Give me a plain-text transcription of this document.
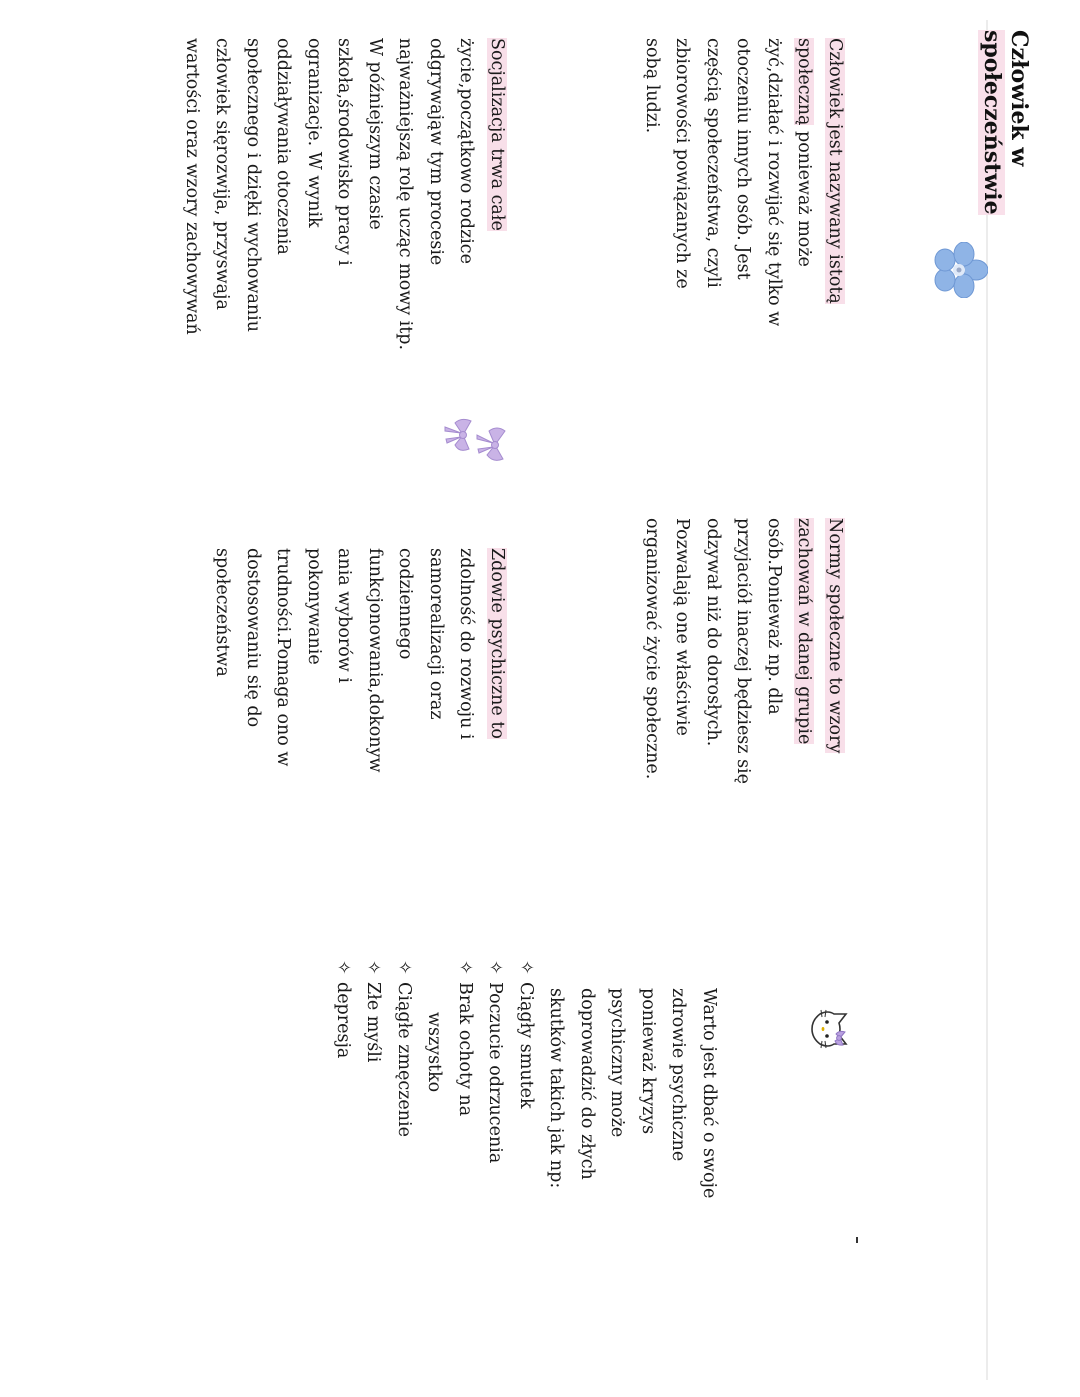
Człowiek w
społeczeństwie
Człowiek jest nazywany istotą
społeczną ponieważ może
żyć,działać i rozwijać się tylko w
otoczeniu innych osób. Jest
częścią społeczeństwa, czyli
zbiorowości powiązanych ze
sobą ludzi.
Socjalizacja trwa całe
życie,początkowo rodzice
odgrywająw tym procesie
najważniejszą rolę ucząc mowy itp.
W późniejszym czasie
szkoła,środowisko pracy i
ogranizacje. W wynik
oddziaływania otoczenia
społecznego i dzięki wychowaniu
człowiek sięrozwija, przyswaja
wartości oraz wzory zachowywań
Normy społeczne to wzory
zachowań w danej grupie
osób.Ponieważ np. dla
przyjaciół inaczej będziesz się
odzywał niż do dorosłych.
Pozwalają one właściwie
organizować życie społeczne.
Zdowie psychiczne to
zdolność do rozwoju i
samorealizacji oraz
codziennego
funkcjonowania,dokonyw
ania wyborów i
pokonywanie
trudności.Pomaga ono w
dostosowaniu się do
społeczeństwa
Warto jest dbać o swoje
zdrowie psychiczne
ponieważ kryzys
psychiczny może
doprowadzić do złych
skutków takich jak np:
✧Ciągły smutek
✧Poczucie odrzucenia
✧Brak ochoty na
wszystko
✧Ciągłe zmęczenie
✧Złe myśli
✧depresja
